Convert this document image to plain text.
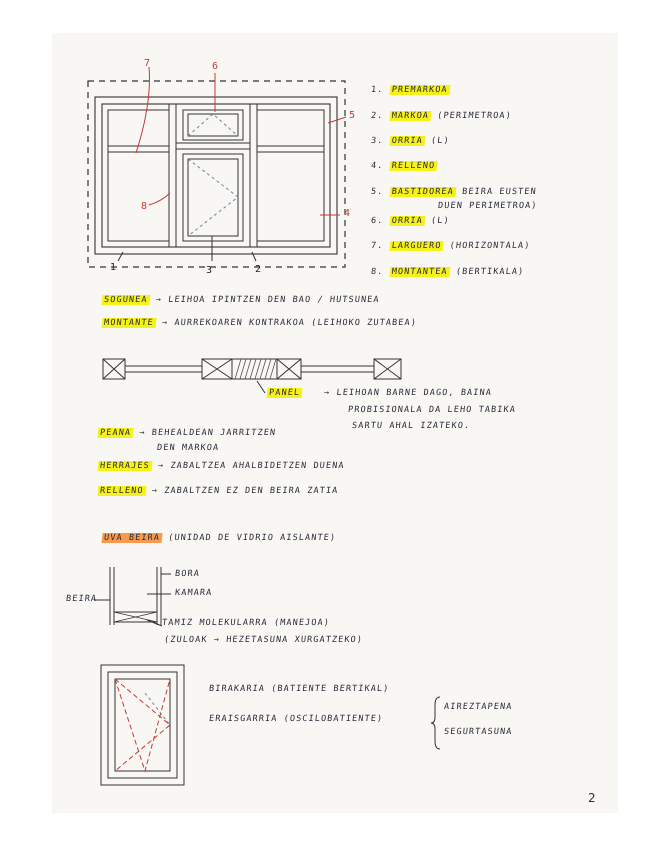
7	6
5
4
8
1	3	2
1. PREMARKOA
2. MARKOA (PERIMETROA)
3. ORRIA (L)
4. RELLENO
5. BASTIDOREA BEIRA EUSTEN
DUEN PERIMETROA)
6. ORRIA (L)
7. LARGUERO (HORIZONTALA)
8. MONTANTEA (BERTIKALA)
SOGUNEA → LEIHOA IPINTZEN DEN BAO / HUTSUNEA
MONTANTE → AURREKOAREN KONTRAKOA (LEIHOKO ZUTABEA)
PANEL	→ LEIHOAN BARNE DAGO, BAINA
PROBISIONALA DA LEHO TABIKA
SARTU AHAL IZATEKO.
PEANA → BEHEALDEAN JARRITZEN
DEN MARKOA
HERRAJES → ZABALTZEA AHALBIDETZEN DUENA
RELLENO → ZABALTZEN EZ DEN BEIRA ZATIA
UVA BEIRA (UNIDAD DE VIDRIO AISLANTE)
BEIRA
BORA
KAMARA
TAMIZ MOLEKULARRA (MANEJOA)
(ZULOAK → HEZETASUNA XURGATZEKO)
BIRAKARIA (BATIENTE BERTIKAL)
ERAISGARRIA (OSCILOBATIENTE)
AIREZTAPENA
SEGURTASUNA
2
